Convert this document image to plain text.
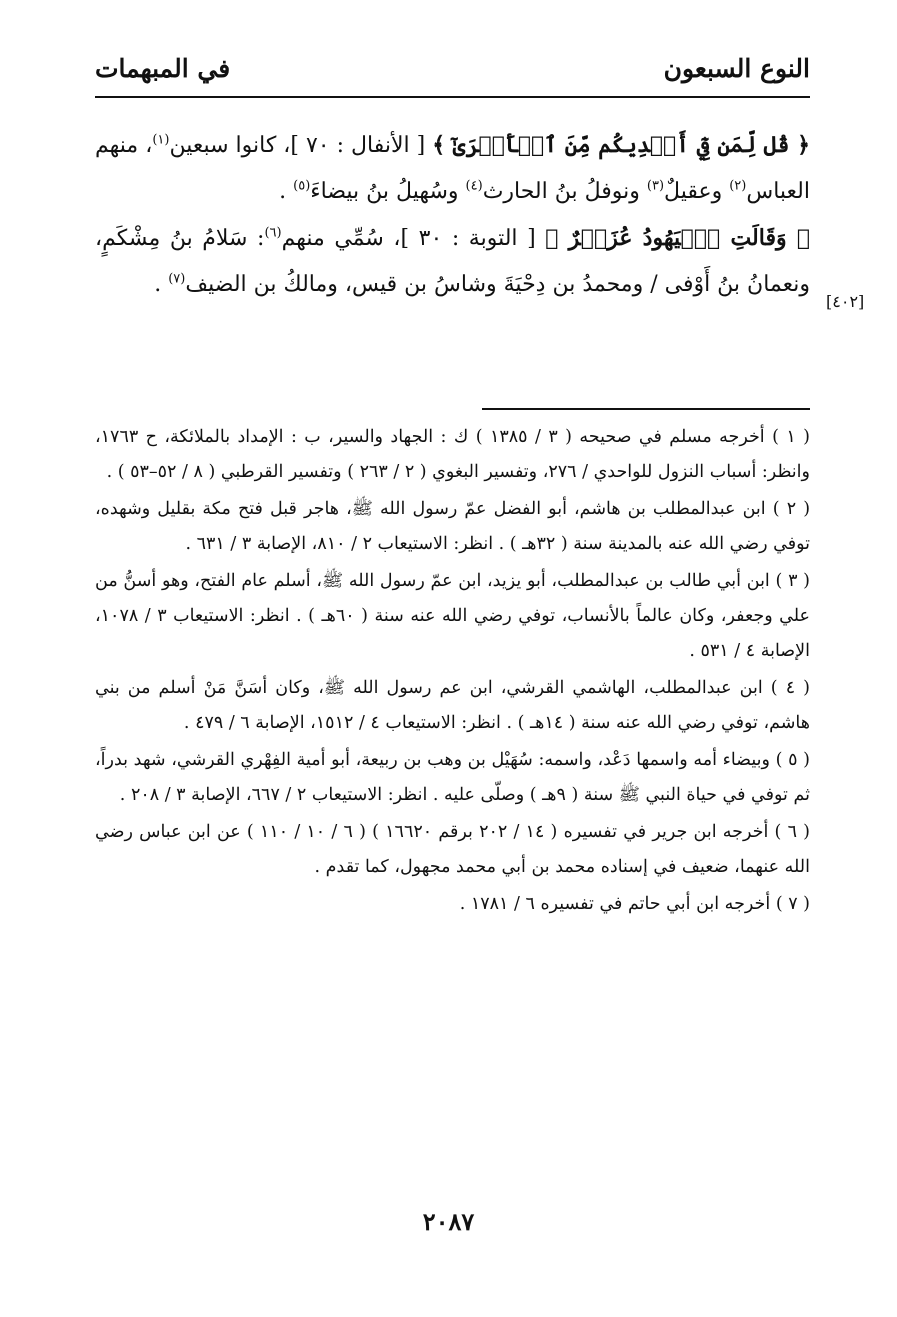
النوع السبعون
في المبهمات

﴿ قُل لِّمَن فِيٓ أَيۡدِيكُم مِّنَ ٱلۡأَسۡرَىٰٓ ﴾ [ الأنفال : ٧٠ ]، كانوا سبعين$^{(١)}$، منهم العباس$^{(٢)}$ وعقيلٌ$^{(٣)}$ ونوفلُ بنُ الحارث$^{(٤)}$ وسُهيلُ بنُ بيضاءَ$^{(٥)}$ .

﴿ وَقَالَتِ ٱلۡيَهُودُ عُزَيۡرٌ ﴾ [ التوبة : ٣٠ ]، سُمِّي منهم$^{(٦)}$: سَلامُ بنُ مِشْكَمٍ، ونعمانُ بنُ أَوْفى / ومحمدُ بن دِحْيَةَ وشاسُ بن قيس، ومالكُ بن الضيف$^{(٧)}$ .

[٤٠٢]

( ١ ) أخرجه مسلم في صحيحه ( ٣ / ١٣٨٥ ) ك : الجهاد والسير، ب : الإمداد بالملائكة، ح ١٧٦٣، وانظر: أسباب النزول للواحدي / ٢٧٦، وتفسير البغوي ( ٢ / ٢٦٣ ) وتفسير القرطبي ( ٨ / ٥٢–٥٣ ) .

( ٢ ) ابن عبدالمطلب بن هاشم، أبو الفضل عمّ رسول الله ﷺ، هاجر قبل فتح مكة بقليل وشهده، توفي رضي الله عنه بالمدينة سنة ( ٣٢هـ ) . انظر: الاستيعاب ٢ / ٨١٠، الإصابة ٣ / ٦٣١ .

( ٣ ) ابن أبي طالب بن عبدالمطلب، أبو يزيد، ابن عمّ رسول الله ﷺ، أسلم عام الفتح، وهو أسنُّ من علي وجعفر، وكان عالماً بالأنساب، توفي رضي الله عنه سنة ( ٦٠هـ ) . انظر: الاستيعاب ٣ / ١٠٧٨، الإصابة ٤ / ٥٣١ .

( ٤ ) ابن عبدالمطلب، الهاشمي القرشي، ابن عم رسول الله ﷺ، وكان أسَنَّ مَنْ أسلم من بني هاشم، توفي رضي الله عنه سنة ( ١٤هـ ) . انظر: الاستيعاب ٤ / ١٥١٢، الإصابة ٦ / ٤٧٩ .

( ٥ ) وبيضاء أمه واسمها دَعْد، واسمه: سُهَيْل بن وهب بن ربيعة، أبو أمية الفِهْري القرشي، شهد بدراً، ثم توفي في حياة النبي ﷺ سنة ( ٩هـ ) وصلّى عليه . انظر: الاستيعاب ٢ / ٦٦٧، الإصابة ٣ / ٢٠٨ .

( ٦ ) أخرجه ابن جرير في تفسيره ( ١٤ / ٢٠٢ برقم ١٦٦٢٠ ) ( ٦ / ١٠ / ١١٠ ) عن ابن عباس رضي الله عنهما، ضعيف في إسناده محمد بن أبي محمد مجهول، كما تقدم .

( ٧ ) أخرجه ابن أبي حاتم في تفسيره ٦ / ١٧٨١ .

٢٠٨٧
